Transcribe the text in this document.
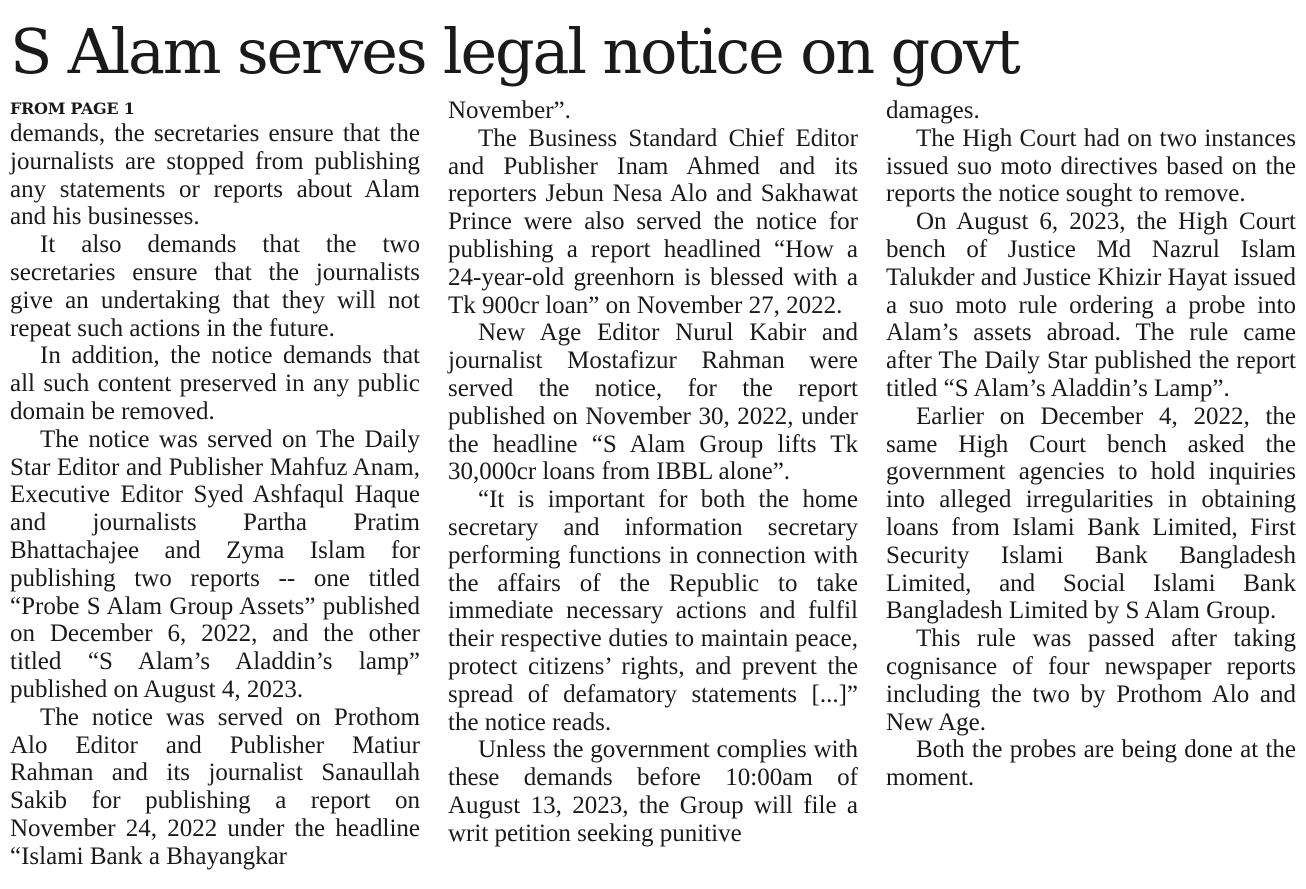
S Alam serves legal notice on govt
FROM PAGE 1

demands, the secretaries ensure that the journalists are stopped from publishing any statements or reports about Alam and his businesses.

It also demands that the two secretaries ensure that the journalists give an undertaking that they will not repeat such actions in the future.

In addition, the notice demands that all such content preserved in any public domain be removed.

The notice was served on The Daily Star Editor and Publisher Mahfuz Anam, Executive Editor Syed Ashfaqul Haque and journalists Partha Pratim Bhattachajee and Zyma Islam for publishing two reports -- one titled “Probe S Alam Group Assets” published on December 6, 2022, and the other titled “S Alam’s Aladdin’s lamp” published on August 4, 2023.

The notice was served on Prothom Alo Editor and Publisher Matiur Rahman and its journalist Sanaullah Sakib for publishing a report on November 24, 2022 under the headline “Islami Bank a Bhayangkar

November”.

The Business Standard Chief Editor and Publisher Inam Ahmed and its reporters Jebun Nesa Alo and Sakhawat Prince were also served the notice for publishing a report headlined “How a 24-year-old greenhorn is blessed with a Tk 900cr loan” on November 27, 2022.

New Age Editor Nurul Kabir and journalist Mostafizur Rahman were served the notice, for the report published on November 30, 2022, under the headline “S Alam Group lifts Tk 30,000cr loans from IBBL alone”.

“It is important for both the home secretary and information secretary performing functions in connection with the affairs of the Republic to take immediate necessary actions and fulfil their respective duties to maintain peace, protect citizens’ rights, and prevent the spread of defamatory statements [...]” the notice reads.

Unless the government complies with these demands before 10:00am of August 13, 2023, the Group will file a writ petition seeking punitive

damages.

The High Court had on two instances issued suo moto directives based on the reports the notice sought to remove.

On August 6, 2023, the High Court bench of Justice Md Nazrul Islam Talukder and Justice Khizir Hayat issued a suo moto rule ordering a probe into Alam’s assets abroad. The rule came after The Daily Star published the report titled “S Alam’s Aladdin’s Lamp”.

Earlier on December 4, 2022, the same High Court bench asked the government agencies to hold inquiries into alleged irregularities in obtaining loans from Islami Bank Limited, First Security Islami Bank Bangladesh Limited, and Social Islami Bank Bangladesh Limited by S Alam Group.

This rule was passed after taking cognisance of four newspaper reports including the two by Prothom Alo and New Age.

Both the probes are being done at the moment.
